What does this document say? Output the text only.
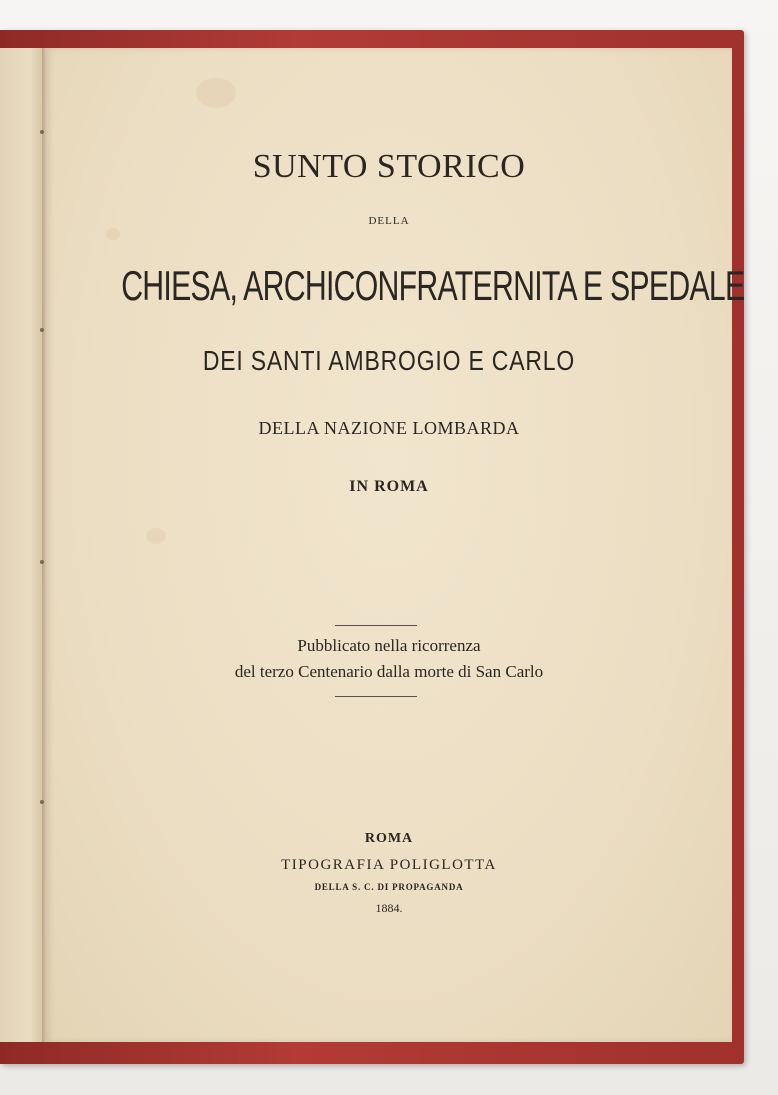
SUNTO STORICO
DELLA
CHIESA, ARCHICONFRATERNITA E SPEDALE
DEI SANTI AMBROGIO E CARLO
DELLA NAZIONE LOMBARDA
IN ROMA
Pubblicato nella ricorrenza
del terzo Centenario dalla morte di San Carlo
ROMA
TIPOGRAFIA POLIGLOTTA
DELLA S. C. DI PROPAGANDA
1884.
